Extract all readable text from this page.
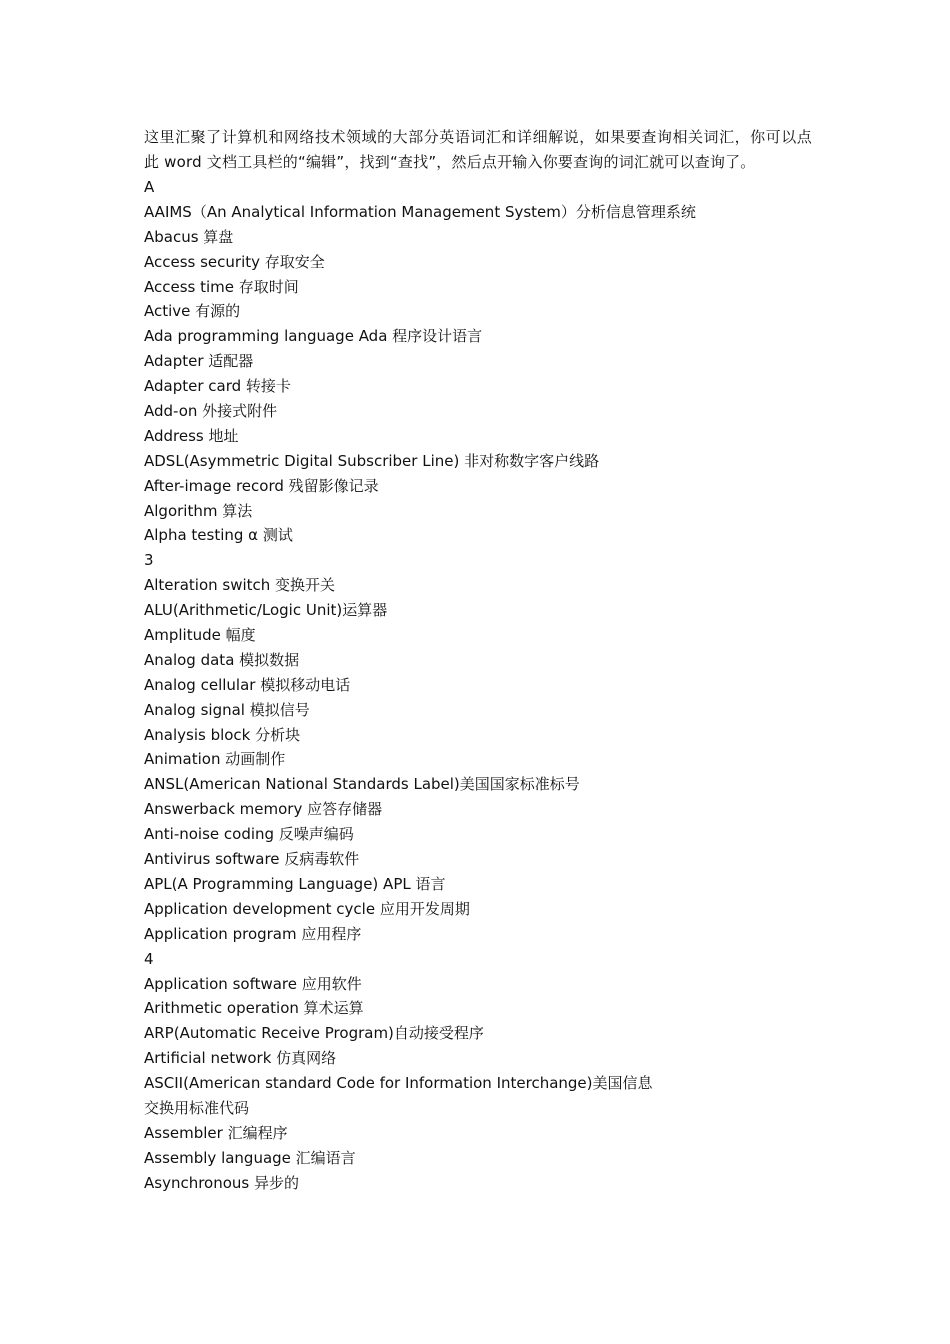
这里汇聚了计算机和网络技术领域的大部分英语词汇和详细解说，如果要查询相关词汇，你可以点此 word 文档工具栏的“编辑”，找到“查找”，然后点开输入你要查询的词汇就可以查询了。

A
AAIMS（An Analytical Information Management System）分析信息管理系统
Abacus 算盘
Access security 存取安全
Access time 存取时间
Active 有源的
Ada programming language Ada 程序设计语言
Adapter 适配器
Adapter card 转接卡
Add-on 外接式附件
Address 地址
ADSL(Asymmetric Digital Subscriber Line) 非对称数字客户线路
After-image record 残留影像记录
Algorithm 算法
Alpha testing α 测试
3
Alteration switch 变换开关
ALU(Arithmetic/Logic Unit)运算器
Amplitude 幅度
Analog data 模拟数据
Analog cellular 模拟移动电话
Analog signal 模拟信号
Analysis block 分析块
Animation 动画制作
ANSL(American National Standards Label)美国国家标准标号
Answerback memory 应答存储器
Anti-noise coding 反噪声编码
Antivirus software 反病毒软件
APL(A Programming Language) APL 语言
Application development cycle 应用开发周期
Application program 应用程序
4
Application software 应用软件
Arithmetic operation 算术运算
ARP(Automatic Receive Program)自动接受程序
Artificial network 仿真网络
ASCII(American standard Code for Information Interchange)美国信息交换用标准代码
Assembler 汇编程序
Assembly language 汇编语言
Asynchronous 异步的
